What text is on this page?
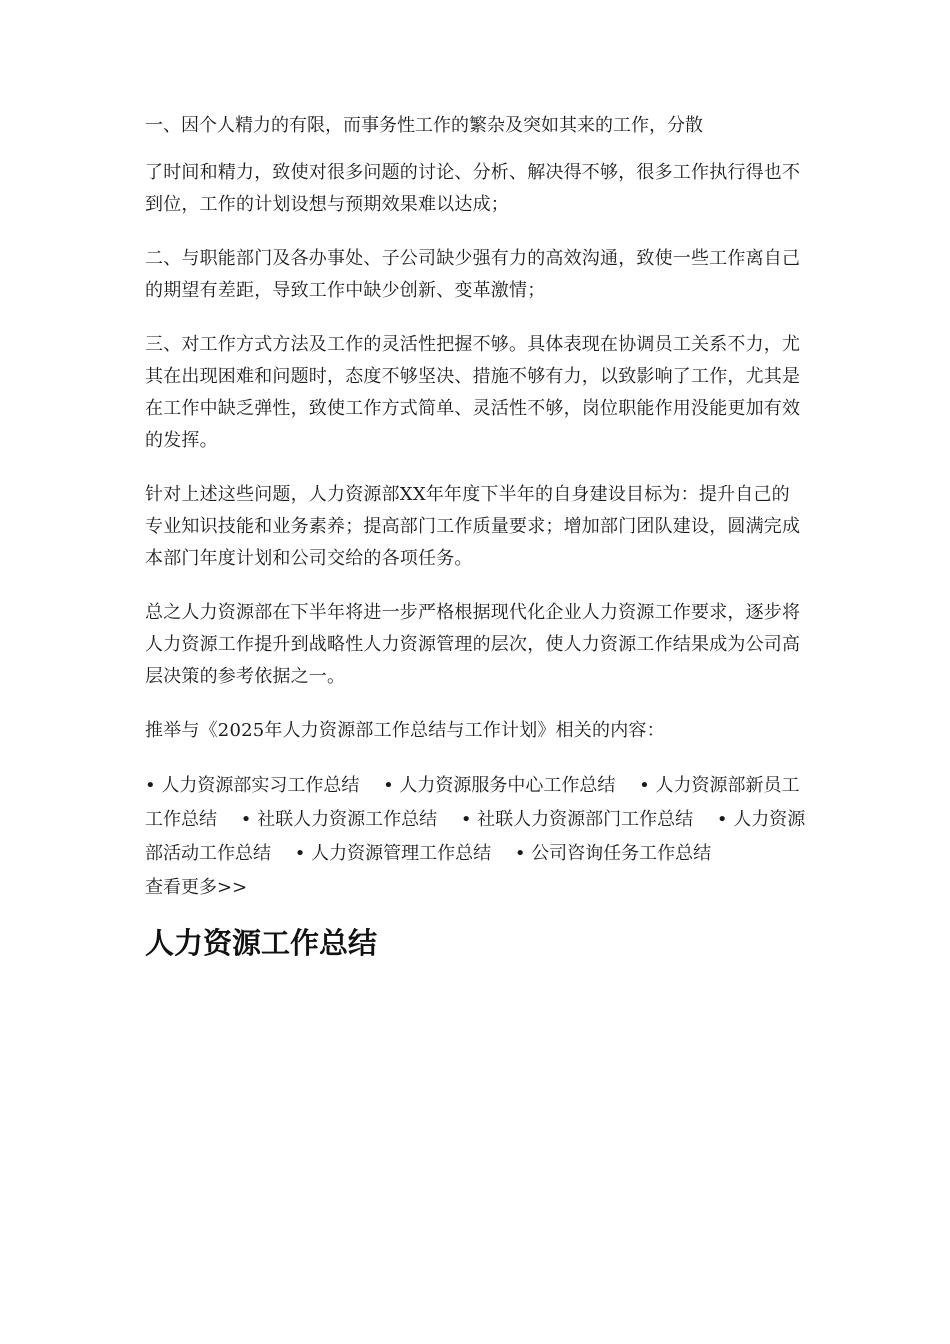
一、因个人精力的有限，而事务性工作的繁杂及突如其来的工作，分散

了时间和精力，致使对很多问题的讨论、分析、解决得不够，很多工作执行得也不到位，工作的计划设想与预期效果难以达成；

二、与职能部门及各办事处、子公司缺少强有力的高效沟通，致使一些工作离自己的期望有差距，导致工作中缺少创新、变革激情；

三、对工作方式方法及工作的灵活性把握不够。具体表现在协调员工关系不力，尤其在出现困难和问题时，态度不够坚决、措施不够有力，以致影响了工作，尤其是在工作中缺乏弹性，致使工作方式简单、灵活性不够，岗位职能作用没能更加有效的发挥。

针对上述这些问题，人力资源部XX年年度下半年的自身建设目标为：提升自己的专业知识技能和业务素养；提高部门工作质量要求；增加部门团队建设，圆满完成本部门年度计划和公司交给的各项任务。

总之人力资源部在下半年将进一步严格根据现代化企业人力资源工作要求，逐步将人力资源工作提升到战略性人力资源管理的层次，使人力资源工作结果成为公司高层决策的参考依据之一。

推举与《2025年人力资源部工作总结与工作计划》相关的内容：

• 人力资源部实习工作总结 • 人力资源服务中心工作总结 • 人力资源部新员工工作总结 • 社联人力资源工作总结 • 社联人力资源部门工作总结 • 人力资源部活动工作总结 • 人力资源管理工作总结 • 公司咨询任务工作总结
查看更多>>
人力资源工作总结
